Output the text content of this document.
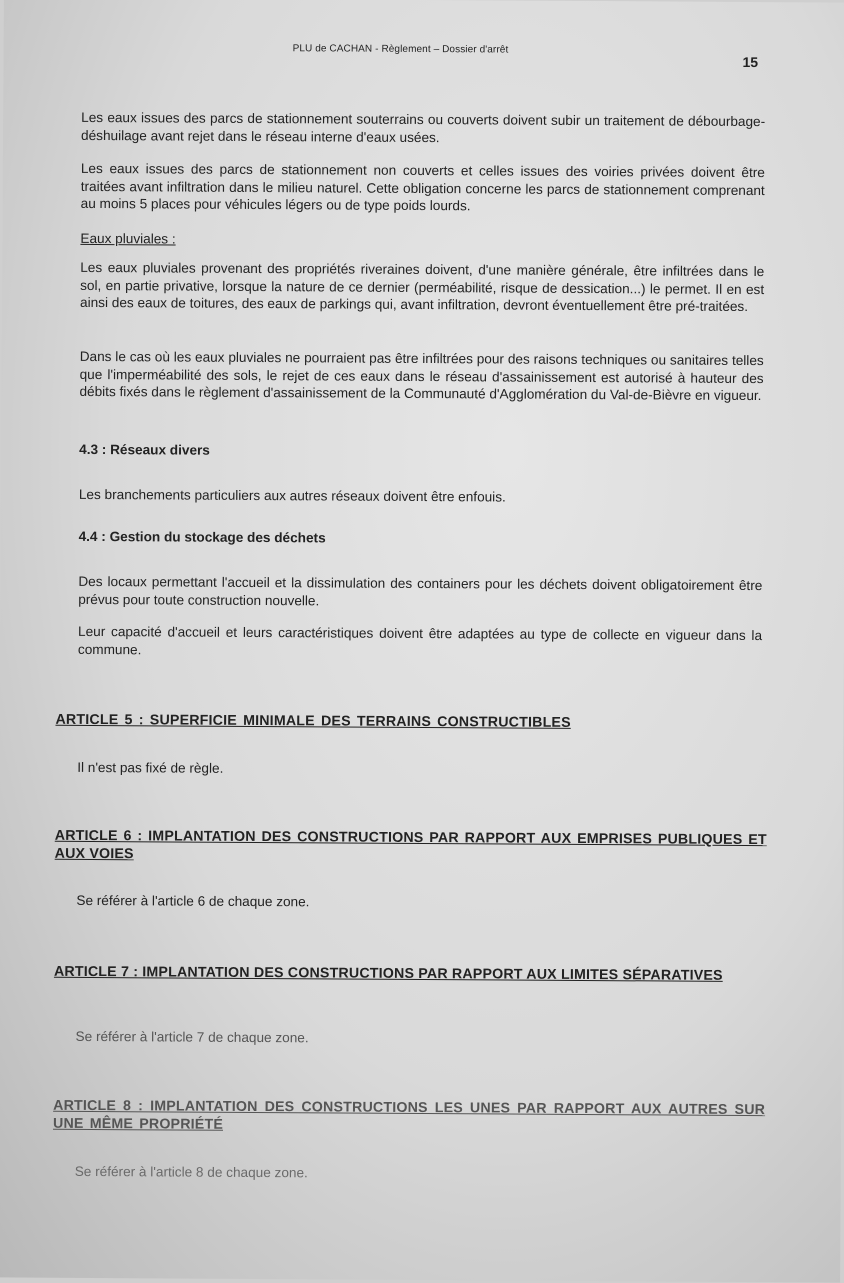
PLU de CACHAN - Règlement – Dossier d'arrêt
15
Les eaux issues des parcs de stationnement souterrains ou couverts doivent subir un traitement de débourbage-déshuilage avant rejet dans le réseau interne d'eaux usées.
Les eaux issues des parcs de stationnement non couverts et celles issues des voiries privées doivent être traitées avant infiltration dans le milieu naturel. Cette obligation concerne les parcs de stationnement comprenant au moins 5 places pour véhicules légers ou de type poids lourds.
Eaux pluviales :
Les eaux pluviales provenant des propriétés riveraines doivent, d'une manière générale, être infiltrées dans le sol, en partie privative, lorsque la nature de ce dernier (perméabilité, risque de dessication...) le permet. Il en est ainsi des eaux de toitures, des eaux de parkings qui, avant infiltration, devront éventuellement être pré-traitées.
Dans le cas où les eaux pluviales ne pourraient pas être infiltrées pour des raisons techniques ou sanitaires telles que l'imperméabilité des sols, le rejet de ces eaux dans le réseau d'assainissement est autorisé à hauteur des débits fixés dans le règlement d'assainissement de la Communauté d'Agglomération du Val-de-Bièvre en vigueur.
4.3 : Réseaux divers
Les branchements particuliers aux autres réseaux doivent être enfouis.
4.4 : Gestion du stockage des déchets
Des locaux permettant l'accueil et la dissimulation des containers pour les déchets doivent obligatoirement être prévus pour toute construction nouvelle.
Leur capacité d'accueil et leurs caractéristiques doivent être adaptées au type de collecte en vigueur dans la commune.
ARTICLE 5 : SUPERFICIE MINIMALE DES TERRAINS CONSTRUCTIBLES
Il n'est pas fixé de règle.
ARTICLE 6 : IMPLANTATION DES CONSTRUCTIONS PAR RAPPORT AUX EMPRISES PUBLIQUES ET AUX VOIES
Se référer à l'article 6 de chaque zone.
ARTICLE 7 : IMPLANTATION DES CONSTRUCTIONS PAR RAPPORT AUX LIMITES SÉPARATIVES
Se référer à l'article 7 de chaque zone.
ARTICLE 8 : IMPLANTATION DES CONSTRUCTIONS LES UNES PAR RAPPORT AUX AUTRES SUR UNE MÊME PROPRIÉTÉ
Se référer à l'article 8 de chaque zone.
